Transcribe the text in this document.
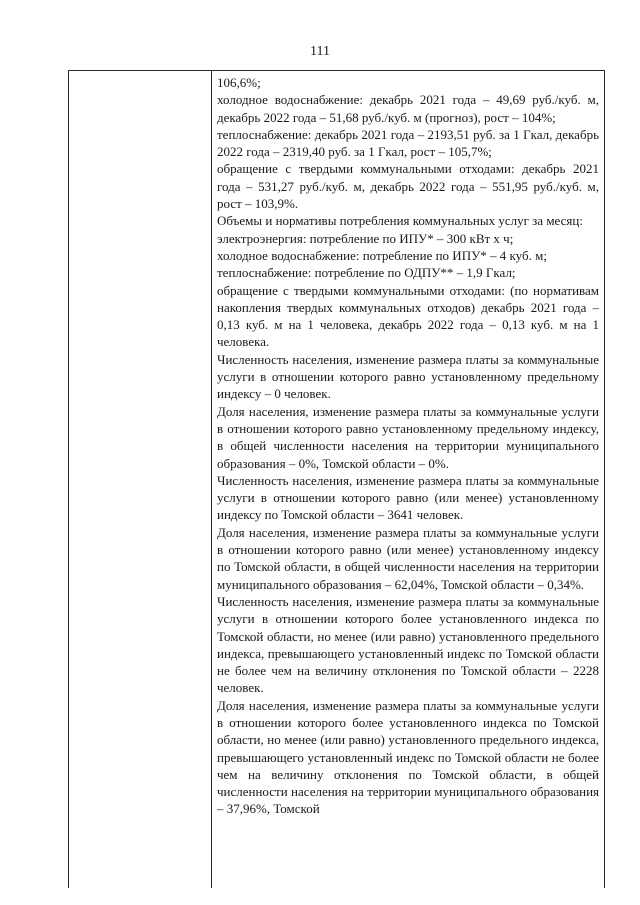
111

106,6%;

холодное водоснабжение: декабрь 2021 года – 49,69 руб./куб. м, декабрь 2022 года – 51,68 руб./куб. м (прогноз), рост – 104%;

теплоснабжение: декабрь 2021 года – 2193,51 руб. за 1 Гкал, декабрь 2022 года – 2319,40 руб. за 1 Гкал, рост – 105,7%;

обращение с твердыми коммунальными отходами: декабрь 2021 года – 531,27 руб./куб. м, декабрь 2022 года – 551,95 руб./куб. м, рост – 103,9%.

Объемы и нормативы потребления коммунальных услуг за месяц:

электроэнергия: потребление по ИПУ* – 300 кВт х ч;

холодное водоснабжение: потребление по ИПУ* – 4 куб. м;

теплоснабжение: потребление по ОДПУ** – 1,9 Гкал;

обращение с твердыми коммунальными отходами: (по нормативам накопления твердых коммунальных отходов) декабрь 2021 года – 0,13 куб. м на 1 человека, декабрь 2022 года – 0,13 куб. м на 1 человека.

Численность населения, изменение размера платы за коммунальные услуги в отношении которого равно установленному предельному индексу – 0 человек.

Доля населения, изменение размера платы за коммунальные услуги в отношении которого равно установленному предельному индексу, в общей численности населения на территории муниципального образования – 0%, Томской области – 0%.

Численность населения, изменение размера платы за коммунальные услуги в отношении которого равно (или менее) установленному индексу по Томской области – 3641 человек.

Доля населения, изменение размера платы за коммунальные услуги в отношении которого равно (или менее) установленному индексу по Томской области, в общей численности населения на территории муниципального образования – 62,04%, Томской области – 0,34%.

Численность населения, изменение размера платы за коммунальные услуги в отношении которого более установленного индекса по Томской области, но менее (или равно) установленного предельного индекса, превышающего установленный индекс по Томской области не более чем на величину отклонения по Томской области – 2228 человек.

Доля населения, изменение размера платы за коммунальные услуги в отношении которого более установленного индекса по Томской области, но менее (или равно) установленного предельного индекса, превышающего установленный индекс по Томской области не более чем на величину отклонения по Томской области, в общей численности населения на территории муниципального образования – 37,96%, Томской
